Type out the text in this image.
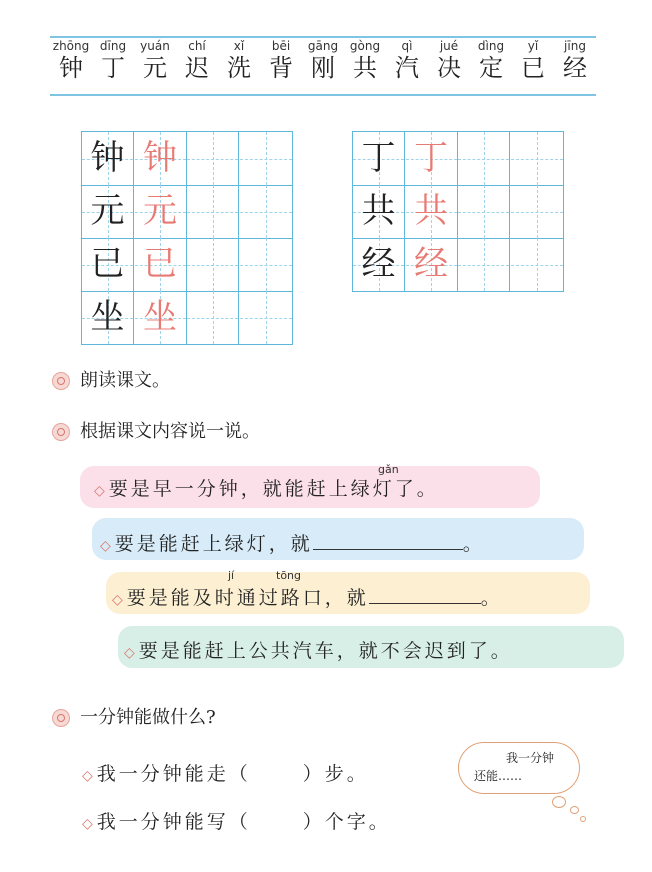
zhōng
钟
dīng
丁
yuán
元
chí
迟
xǐ
洗
bēi
背
gāng
刚
gòng
共
qì
汽
jué
决
dìng
定
yǐ
已
jīng
经
钟 钟
元 元
已 已
坐 坐
丁 丁
共 共
经 经
朗读课文。
根据课文内容说一说。
gǎn
◇ 要是早一分钟，就能赶上绿灯了。
◇ 要是能赶上绿灯，就	。
jí	tōng
◇ 要是能及时通过路口，就	。
◇ 要是能赶上公共汽车，就不会迟到了。
一分钟能做什么?
◇ 我一分钟能走（	）步。
◇ 我一分钟能写（	）个字。
我一分钟
还能……
